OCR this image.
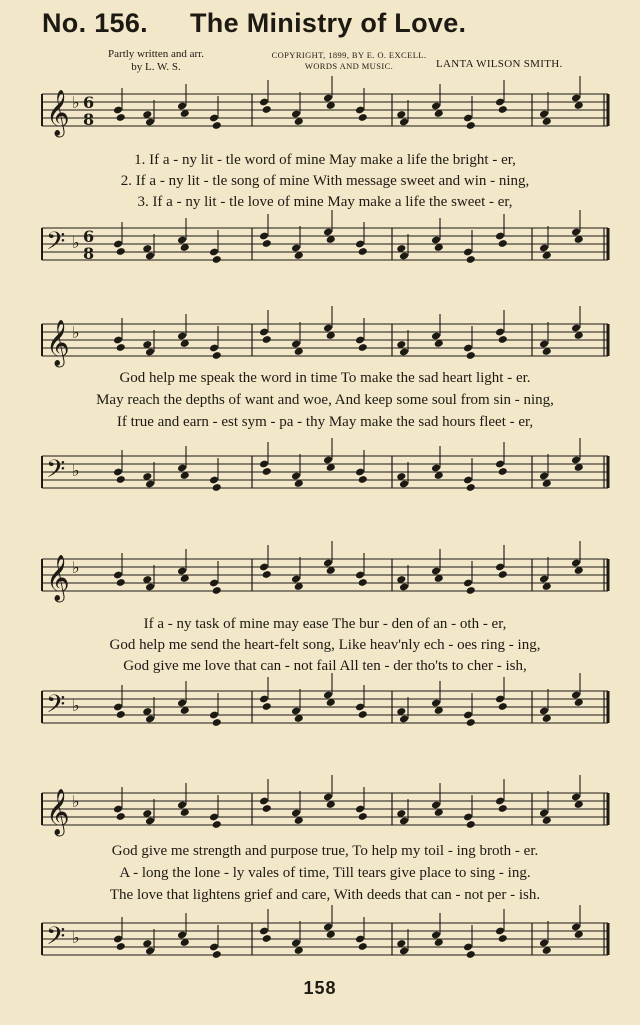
No. 156. The Ministry of Love.
Partly written and arr.
by L. W. S.
COPYRIGHT, 1899, BY E. O. EXCELL.
WORDS AND MUSIC.	LANTA WILSON SMITH.
𝄞 ♭ 6
8
1. If a - ny lit - tle word of mine May make a life the bright - er,
2. If a - ny lit - tle song of mine With message sweet and win - ning,
3. If a - ny lit - tle love of mine May make a life the sweet - er,
𝄢 ♭ 6
8
𝄞 ♭
God help me speak the word in time To make the sad heart light - er.
May reach the depths of want and woe, And keep some soul from sin - ning,
If true and earn - est sym - pa - thy May make the sad hours fleet - er,
𝄢 ♭
𝄞 ♭
If a - ny task of mine may ease The bur - den of an - oth - er,
God help me send the heart-felt song, Like heav'nly ech - oes ring - ing,
God give me love that can - not fail All ten - der tho'ts to cher - ish,
𝄢 ♭
𝄞 ♭
God give me strength and purpose true, To help my toil - ing broth - er.
A - long the lone - ly vales of time, Till tears give place to sing - ing.
The love that lightens grief and care, With deeds that can - not per - ish.
𝄢 ♭
158
